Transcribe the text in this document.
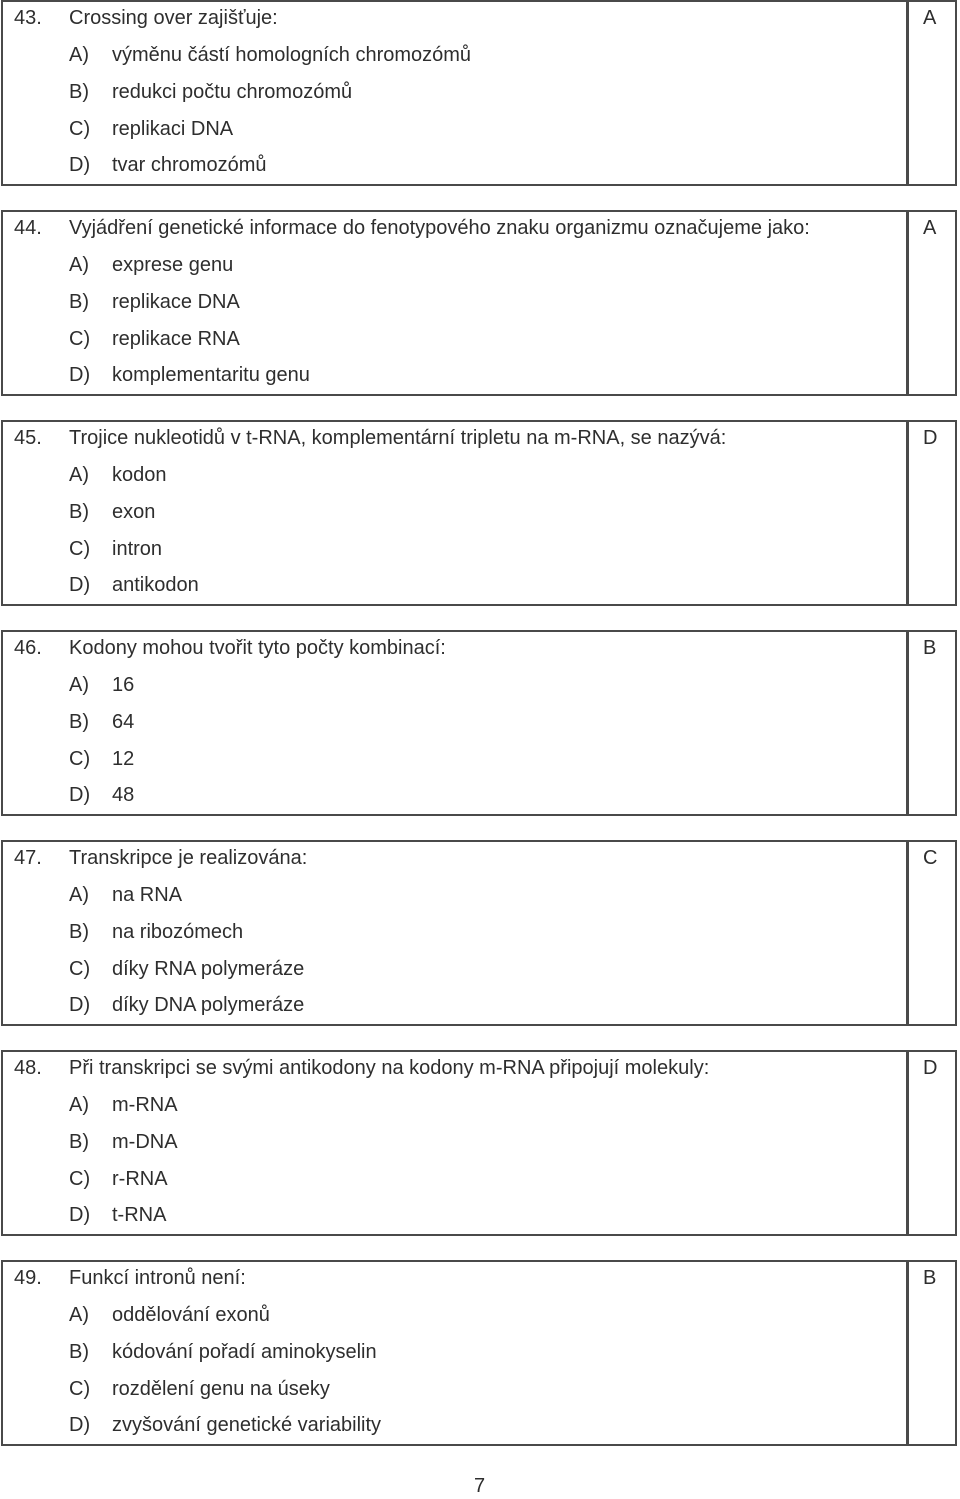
43. Crossing over zajišťuje:
A) výměnu částí homologních chromozómů
B) redukci počtu chromozómů
C) replikaci DNA
D) tvar chromozómů
A
44. Vyjádření genetické informace do fenotypového znaku organizmu označujeme jako:
A) exprese genu
B) replikace DNA
C) replikace RNA
D) komplementaritu genu
A
45. Trojice nukleotidů v t-RNA, komplementární tripletu na m-RNA, se nazývá:
A) kodon
B) exon
C) intron
D) antikodon
D
46. Kodony mohou tvořit tyto počty kombinací:
A) 16
B) 64
C) 12
D) 48
B
47. Transkripce je realizována:
A) na RNA
B) na ribozómech
C) díky RNA polymeráze
D) díky DNA polymeráze
C
48. Při transkripci se svými antikodony na kodony m-RNA připojují molekuly:
A) m-RNA
B) m-DNA
C) r-RNA
D) t-RNA
D
49. Funkcí intronů není:
A) oddělování exonů
B) kódování pořadí aminokyselin
C) rozdělení genu na úseky
D) zvyšování genetické variability
B
7
